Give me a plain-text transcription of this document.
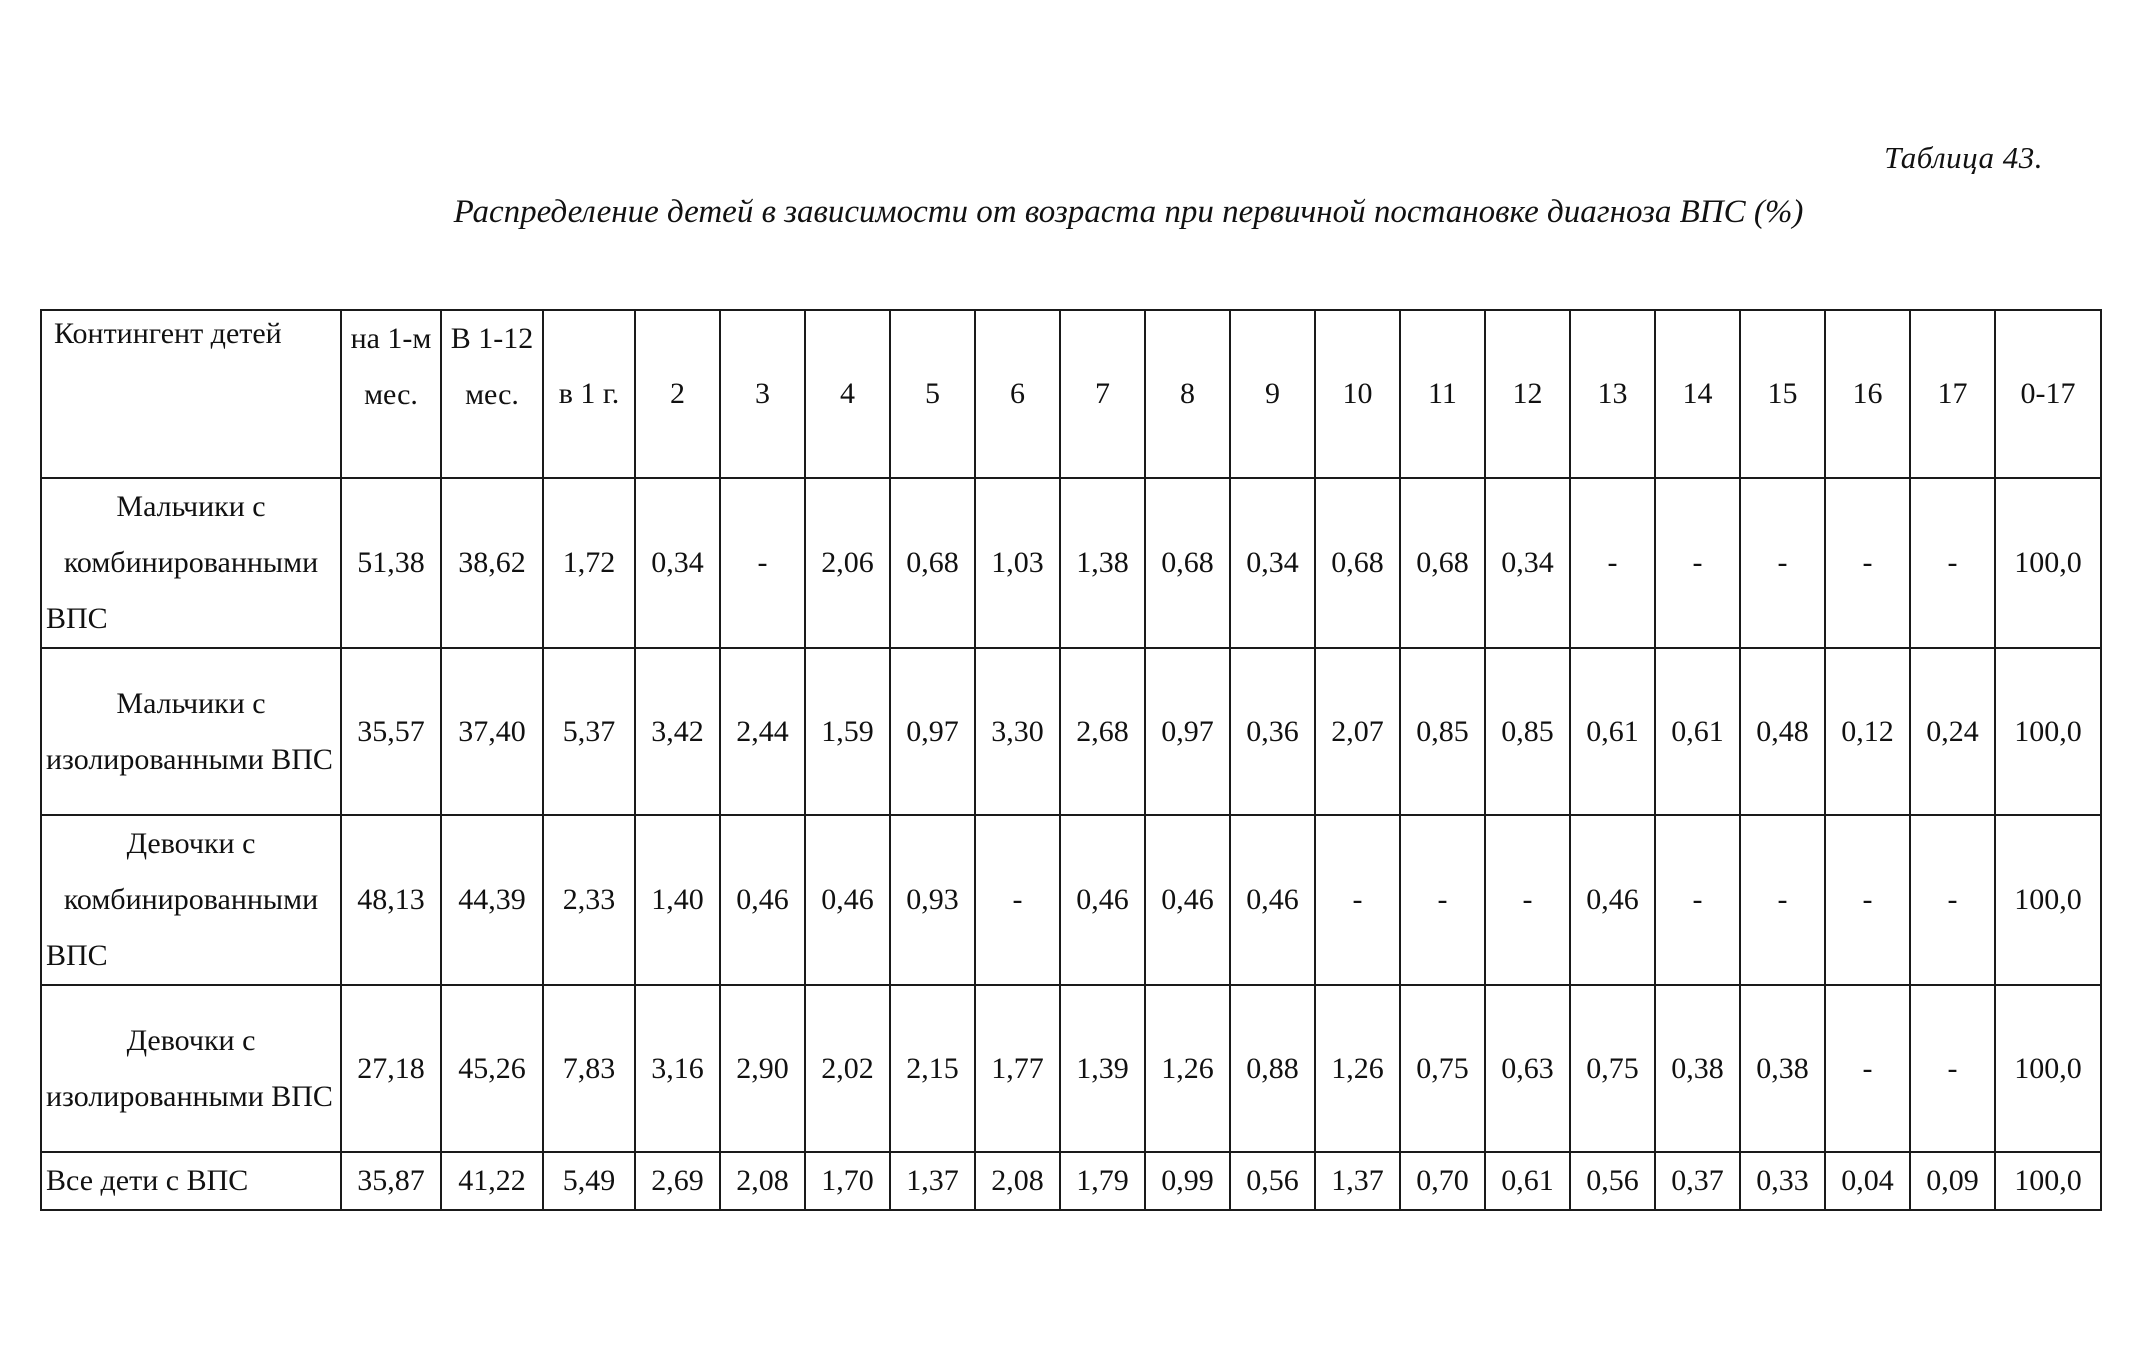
Таблица 43.
Распределение детей в зависимости от возраста при первичной постановке диагноза ВПС (%)
Контингент детей	на 1-м мес.	В 1-12 мес.	в 1 г.	2	3	4	5	6	7	8	9	10	11	12	13	14	15	16	17	0-17
Мальчики с комбинированными ВПС	51,38	38,62	1,72	0,34	-	2,06	0,68	1,03	1,38	0,68	0,34	0,68	0,68	0,34	-	-	-	-	-	100,0
Мальчики с изолированными ВПС	35,57	37,40	5,37	3,42	2,44	1,59	0,97	3,30	2,68	0,97	0,36	2,07	0,85	0,85	0,61	0,61	0,48	0,12	0,24	100,0
Девочки с комбинированными ВПС	48,13	44,39	2,33	1,40	0,46	0,46	0,93	-	0,46	0,46	0,46	-	-	-	0,46	-	-	-	-	100,0
Девочки с изолированными ВПС	27,18	45,26	7,83	3,16	2,90	2,02	2,15	1,77	1,39	1,26	0,88	1,26	0,75	0,63	0,75	0,38	0,38	-	-	100,0
Все дети с ВПС	35,87	41,22	5,49	2,69	2,08	1,70	1,37	2,08	1,79	0,99	0,56	1,37	0,70	0,61	0,56	0,37	0,33	0,04	0,09	100,0
